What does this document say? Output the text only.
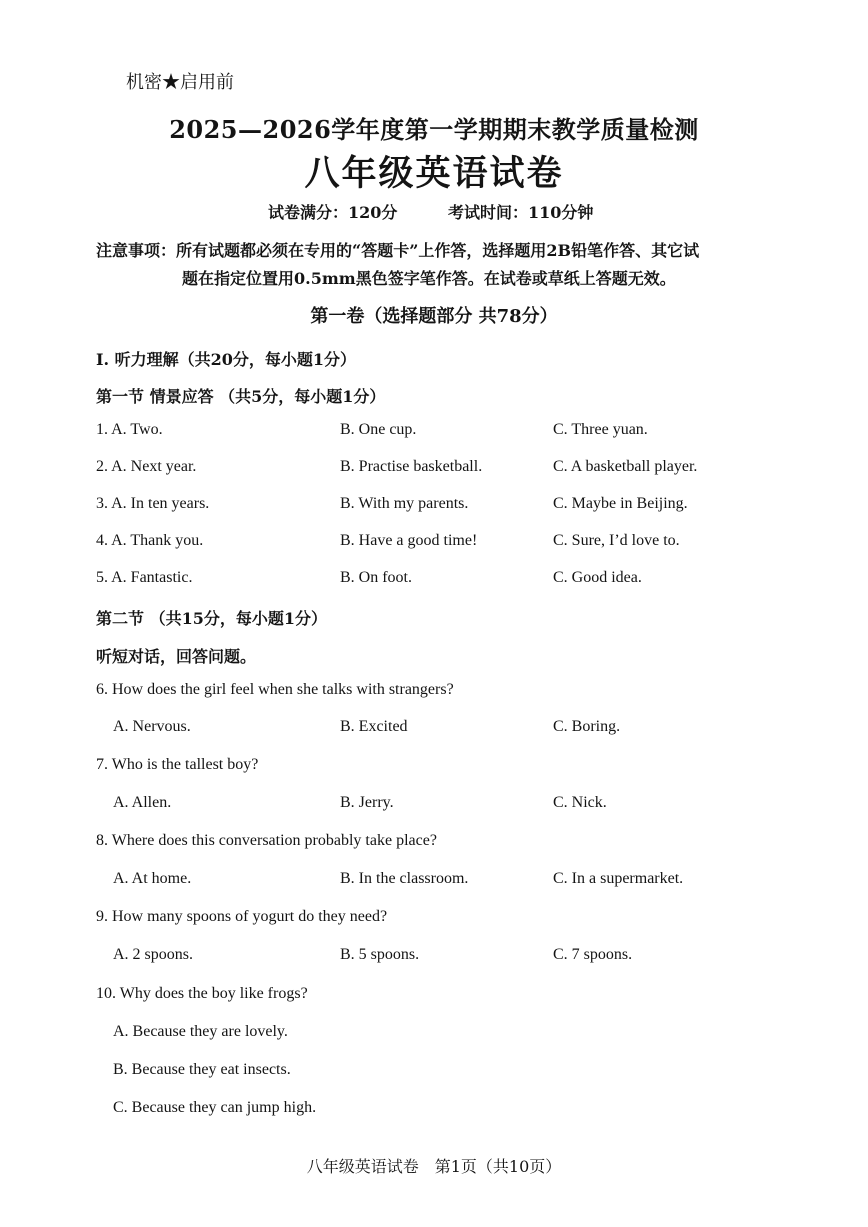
机密★启用前
2025—2026学年度第一学期期末教学质量检测
八年级英语试卷
试卷满分：120分	考试时间：110分钟
注意事项：所有试题都必须在专用的“答题卡”上作答，选择题用2B铅笔作答、其它试
题在指定位置用0.5mm黑色签字笔作答。在试卷或草纸上答题无效。
第一卷（选择题部分 共78分）
I. 听力理解（共20分，每小题1分）
第一节 情景应答 （共5分，每小题1分）
1. A. Two.	B. One cup.	C. Three yuan.
2. A. Next year.	B. Practise basketball.	C. A basketball player.
3. A. In ten years.	B. With my parents.	C. Maybe in Beijing.
4. A. Thank you.	B. Have a good time!	C. Sure, I’d love to.
5. A. Fantastic.	B. On foot.	C. Good idea.
第二节 （共15分，每小题1分）
听短对话，回答问题。
6. How does the girl feel when she talks with strangers?
A. Nervous.	B. Excited	C. Boring.
7. Who is the tallest boy?
A. Allen.	B. Jerry.	C. Nick.
8. Where does this conversation probably take place?
A. At home.	B. In the classroom.	C. In a supermarket.
9. How many spoons of yogurt do they need?
A. 2 spoons.	B. 5 spoons.	C. 7 spoons.
10. Why does the boy like frogs?
A. Because they are lovely.
B. Because they eat insects.
C. Because they can jump high.
八年级英语试卷　第1页（共10页）
